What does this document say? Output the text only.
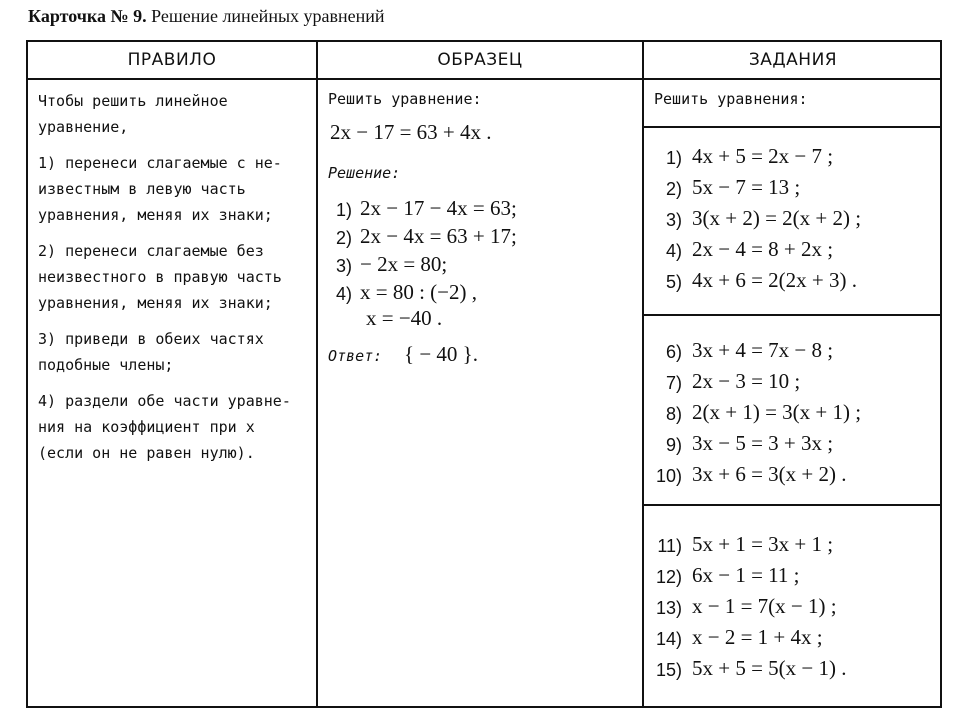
Карточка № 9. Решение линейных уравнений
ПРАВИЛО	ОБРАЗЕЦ	ЗАДАНИЯ
Чтобы решить линейное
уравнение,
1) перенеси слагаемые с не-
известным в левую часть
уравнения, меняя их знаки;
2) перенеси слагаемые без
неизвестного в правую часть
уравнения, меняя их знаки;
3) приведи в обеих частях
подобные члены;
4) раздели обе части уравне-
ния на коэффициент при x
(если он не равен нулю).
Решить уравнение:
2x − 17 = 63 + 4x .
Решение:
1) 2x − 17 − 4x = 63;
2) 2x − 4x = 63 + 17;
3) − 2x = 80;
4) x = 80 : (−2) ,
x = −40 .
Ответ: { − 40 }.
Решить уравнения:
1) 4x + 5 = 2x − 7 ;
2) 5x − 7 = 13 ;
3) 3(x + 2) = 2(x + 2) ;
4) 2x − 4 = 8 + 2x ;
5) 4x + 6 = 2(2x + 3) .
6) 3x + 4 = 7x − 8 ;
7) 2x − 3 = 10 ;
8) 2(x + 1) = 3(x + 1) ;
9) 3x − 5 = 3 + 3x ;
10) 3x + 6 = 3(x + 2) .
11) 5x + 1 = 3x + 1 ;
12) 6x − 1 = 11 ;
13) x − 1 = 7(x − 1) ;
14) x − 2 = 1 + 4x ;
15) 5x + 5 = 5(x − 1) .
